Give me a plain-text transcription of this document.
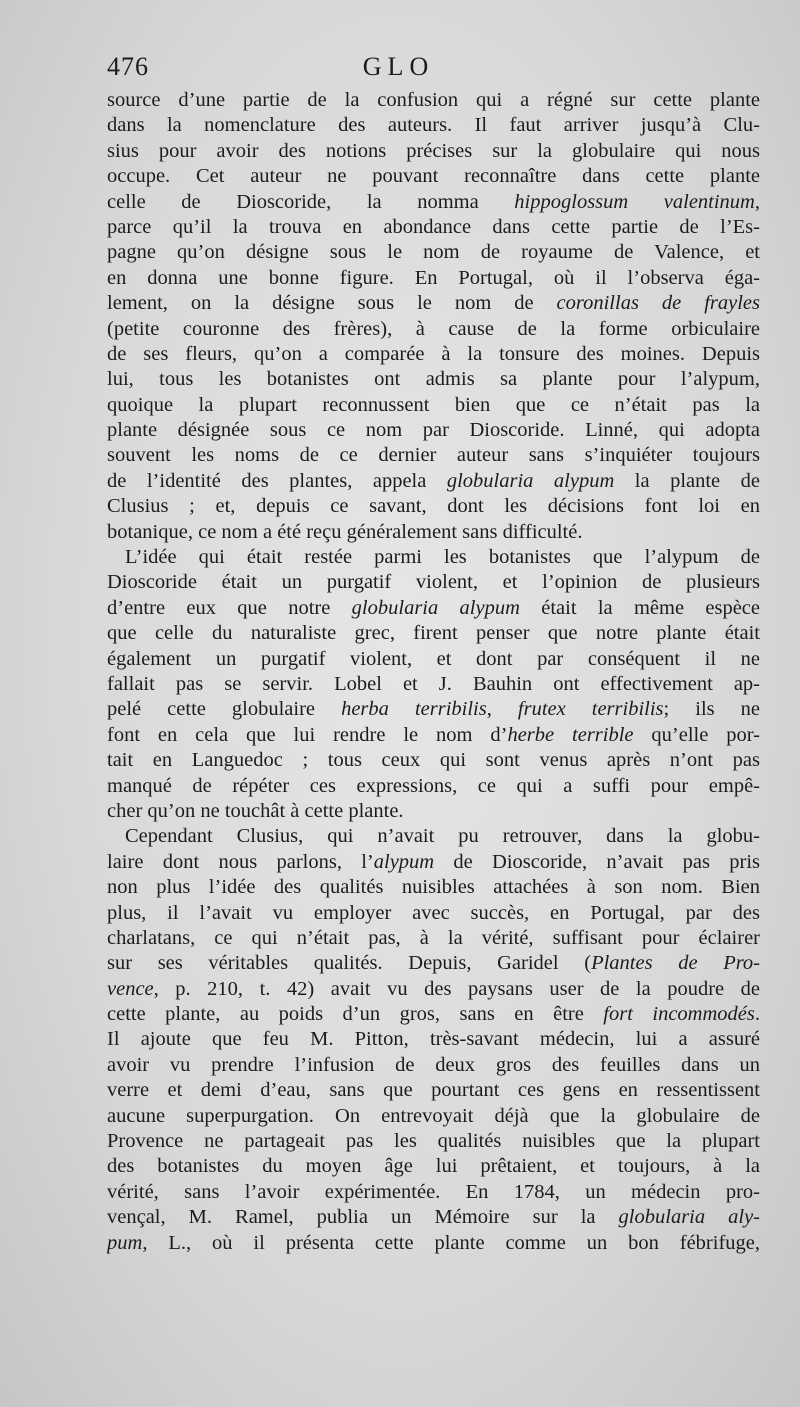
476	GLO
source d’une partie de la confusion qui a régné sur cette plante
dans la nomenclature des auteurs. Il faut arriver jusqu’à Clu-
sius pour avoir des notions précises sur la globulaire qui nous
occupe. Cet auteur ne pouvant reconnaître dans cette plante
celle de Dioscoride, la nomma hippoglossum valentinum,
parce qu’il la trouva en abondance dans cette partie de l’Es-
pagne qu’on désigne sous le nom de royaume de Valence, et
en donna une bonne figure. En Portugal, où il l’observa éga-
lement, on la désigne sous le nom de coronillas de frayles
(petite couronne des frères), à cause de la forme orbiculaire
de ses fleurs, qu’on a comparée à la tonsure des moines. Depuis
lui, tous les botanistes ont admis sa plante pour l’alypum,
quoique la plupart reconnussent bien que ce n’était pas la
plante désignée sous ce nom par Dioscoride. Linné, qui adopta
souvent les noms de ce dernier auteur sans s’inquiéter toujours
de l’identité des plantes, appela globularia alypum la plante de
Clusius ; et, depuis ce savant, dont les décisions font loi en
botanique, ce nom a été reçu généralement sans difficulté.
L’idée qui était restée parmi les botanistes que l’alypum de
Dioscoride était un purgatif violent, et l’opinion de plusieurs
d’entre eux que notre globularia alypum était la même espèce
que celle du naturaliste grec, firent penser que notre plante était
également un purgatif violent, et dont par conséquent il ne
fallait pas se servir. Lobel et J. Bauhin ont effectivement ap-
pelé cette globulaire herba terribilis, frutex terribilis; ils ne
font en cela que lui rendre le nom d’herbe terrible qu’elle por-
tait en Languedoc ; tous ceux qui sont venus après n’ont pas
manqué de répéter ces expressions, ce qui a suffi pour empê-
cher qu’on ne touchât à cette plante.
Cependant Clusius, qui n’avait pu retrouver, dans la globu-
laire dont nous parlons, l’alypum de Dioscoride, n’avait pas pris
non plus l’idée des qualités nuisibles attachées à son nom. Bien
plus, il l’avait vu employer avec succès, en Portugal, par des
charlatans, ce qui n’était pas, à la vérité, suffisant pour éclairer
sur ses véritables qualités. Depuis, Garidel (Plantes de Pro-
vence, p. 210, t. 42) avait vu des paysans user de la poudre de
cette plante, au poids d’un gros, sans en être fort incommodés.
Il ajoute que feu M. Pitton, très-savant médecin, lui a assuré
avoir vu prendre l’infusion de deux gros des feuilles dans un
verre et demi d’eau, sans que pourtant ces gens en ressentissent
aucune superpurgation. On entrevoyait déjà que la globulaire de
Provence ne partageait pas les qualités nuisibles que la plupart
des botanistes du moyen âge lui prêtaient, et toujours, à la
vérité, sans l’avoir expérimentée. En 1784, un médecin pro-
vençal, M. Ramel, publia un Mémoire sur la globularia aly-
pum, L., où il présenta cette plante comme un bon fébrifuge,
